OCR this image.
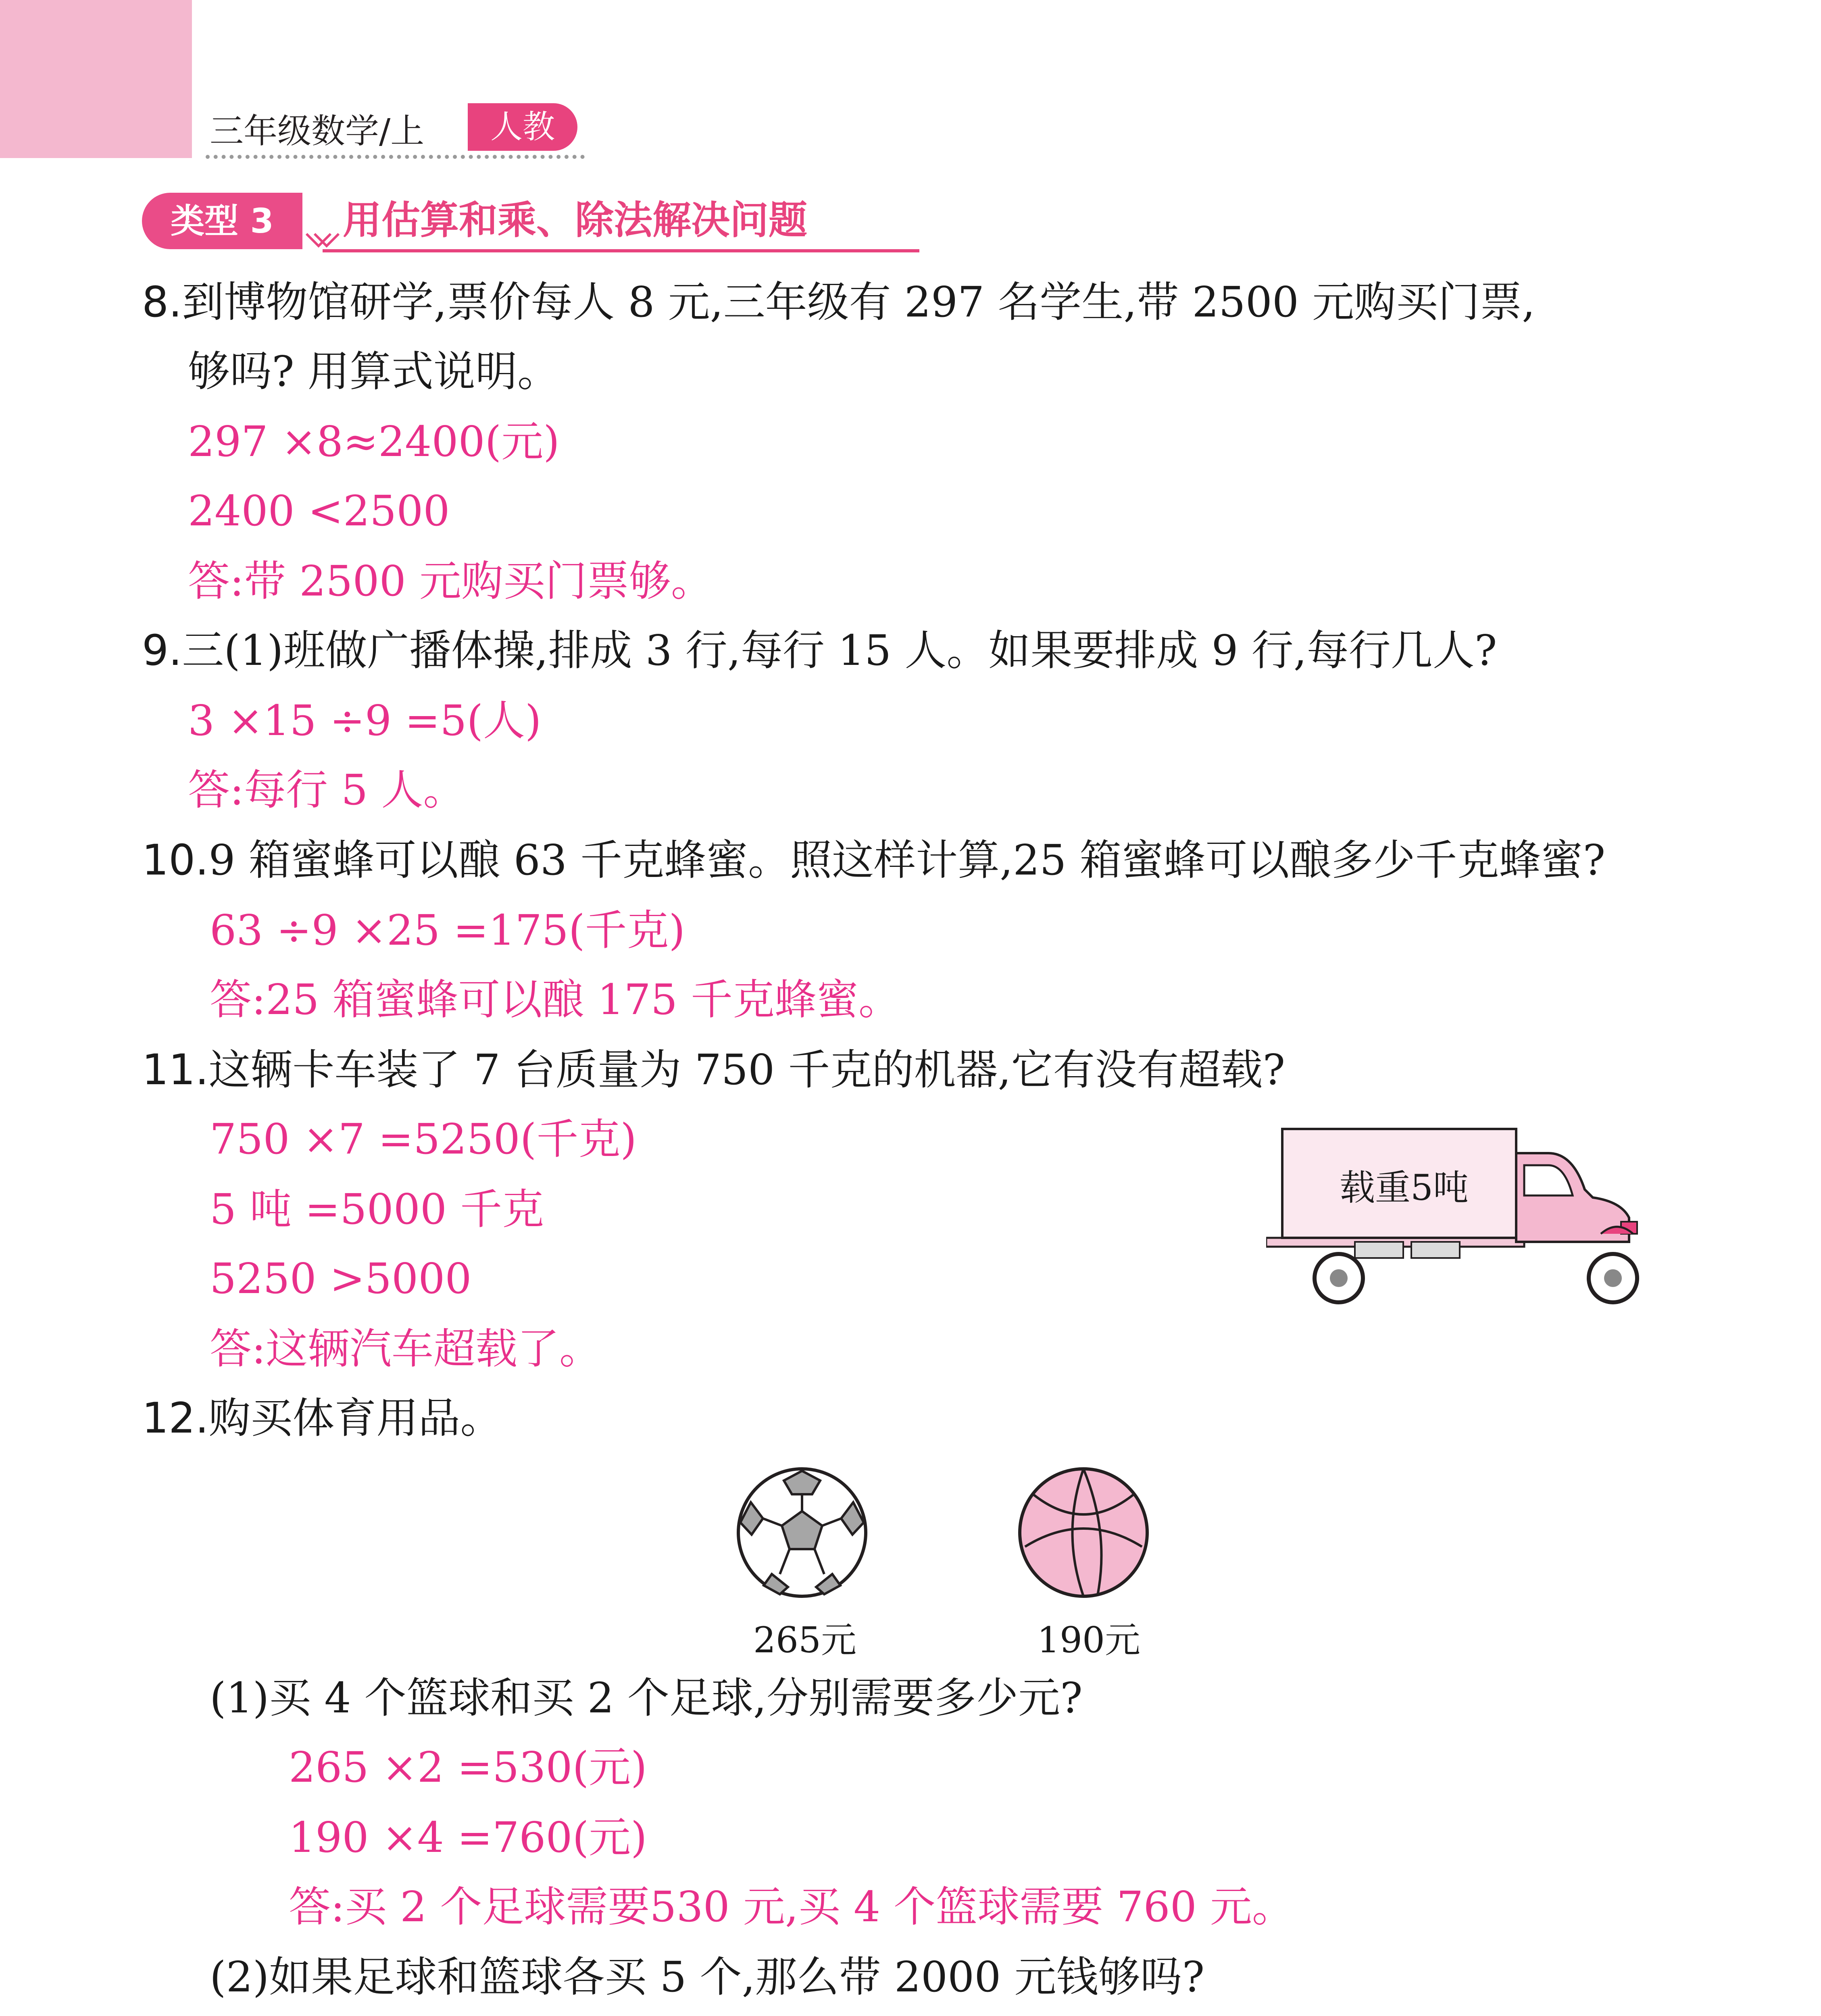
三年级数学/上	人教
类型 3	用估算和乘、除法解决问题
8.到博物馆研学,票价每人 8 元,三年级有 297 名学生,带 2500 元购买门票,
够吗? 用算式说明。
297 ×8≈2400(元)
2400 <2500
答:带 2500 元购买门票够。
9.三(1)班做广播体操,排成 3 行,每行 15 人。如果要排成 9 行,每行几人?
3 ×15 ÷9 =5(人)
答:每行 5 人。
10.9 箱蜜蜂可以酿 63 千克蜂蜜。照这样计算,25 箱蜜蜂可以酿多少千克蜂蜜?
63 ÷9 ×25 =175(千克)
答:25 箱蜜蜂可以酿 175 千克蜂蜜。
11.这辆卡车装了 7 台质量为 750 千克的机器,它有没有超载?
750 ×7 =5250(千克)
5 吨 =5000 千克
5250 >5000
答:这辆汽车超载了。
载重5吨
12.购买体育用品。
265元	190元
(1)买 4 个篮球和买 2 个足球,分别需要多少元?
265 ×2 =530(元)
190 ×4 =760(元)
答:买 2 个足球需要530 元,买 4 个篮球需要 760 元。
(2)如果足球和篮球各买 5 个,那么带 2000 元钱够吗?
